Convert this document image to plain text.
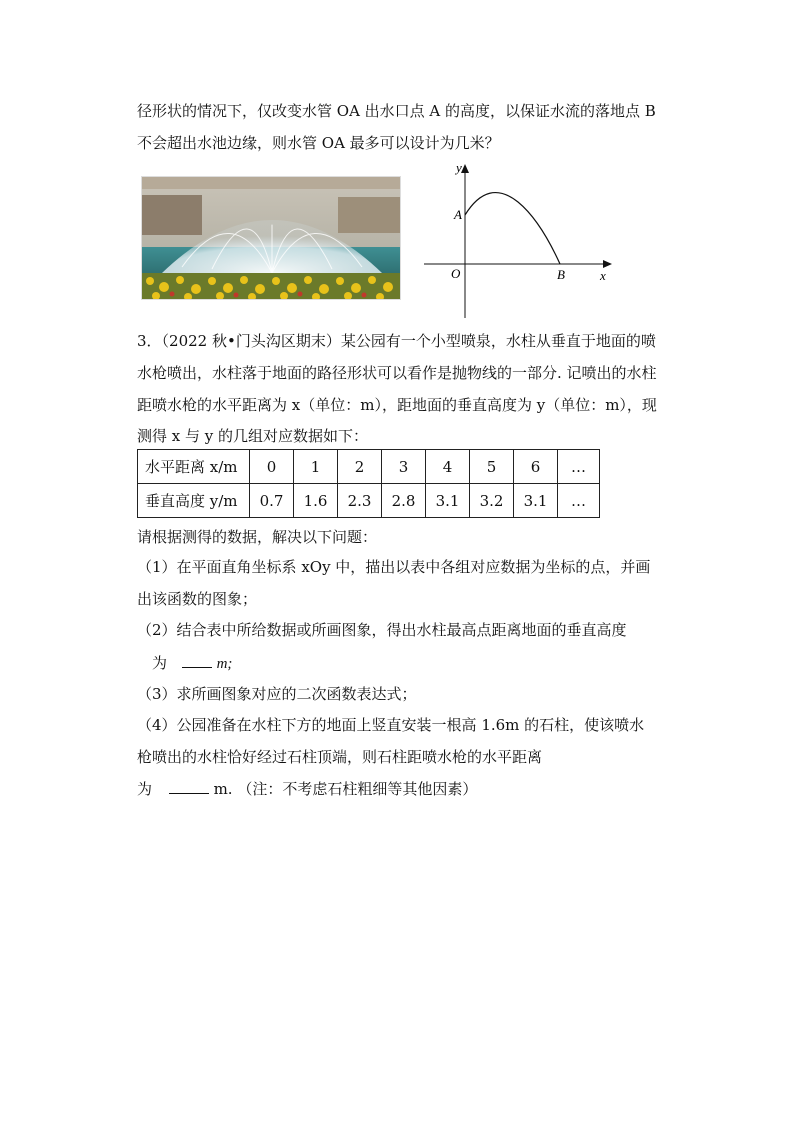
径形状的情况下，仅改变水管 OA 出水口点 A 的高度，以保证水流的落地点 B
不会超出水池边缘，则水管 OA 最多可以设计为几米？
y
x
A
O	B
3．（2022 秋•门头沟区期末）某公园有一个小型喷泉，水柱从垂直于地面的喷
水枪喷出，水柱落于地面的路径形状可以看作是抛物线的一部分. 记喷出的水柱
距喷水枪的水平距离为 x（单位：m），距地面的垂直高度为 y（单位：m），现
测得 x 与 y 的几组对应数据如下：
水平距离 x/m	0	1	2	3	4	5	6	…
垂直高度 y/m	0.7	1.6	2.3	2.8	3.1	3.2	3.1	…
请根据测得的数据，解决以下问题：
（1）在平面直角坐标系 xOy 中，描出以表中各组对应数据为坐标的点，并画
出该函数的图象；
（2）结合表中所给数据或所画图象，得出水柱最高点距离地面的垂直高度
为	m;
（3）求所画图象对应的二次函数表达式；
（4）公园准备在水柱下方的地面上竖直安装一根高 1.6m 的石柱，使该喷水
枪喷出的水柱恰好经过石柱顶端，则石柱距喷水枪的水平距离
为	m. （注：不考虑石柱粗细等其他因素）
